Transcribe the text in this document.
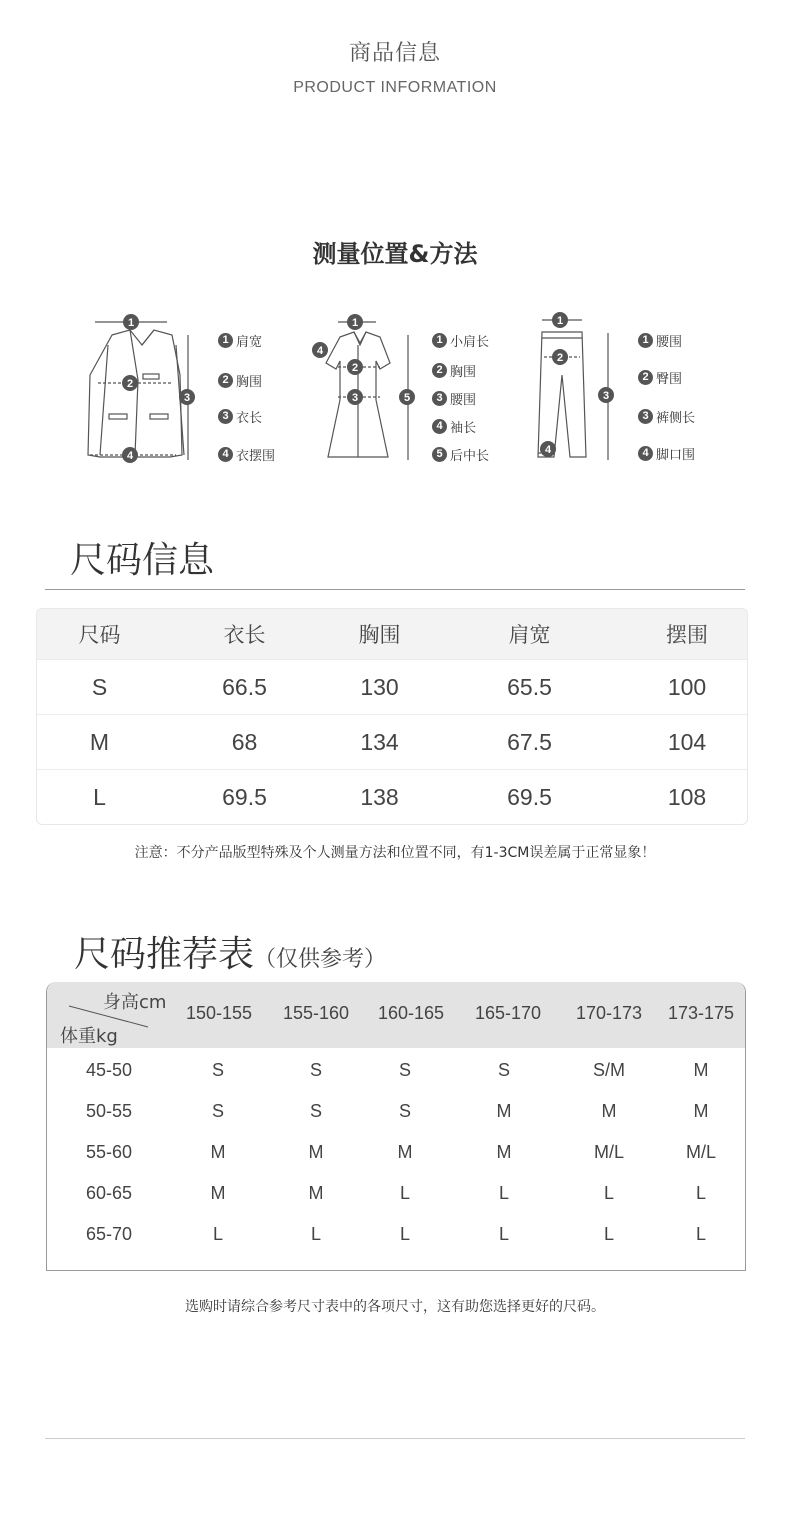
商品信息
PRODUCT INFORMATION
测量位置&方法
1
2
3
4
1 肩宽
2 胸围
3 衣长
4 衣摆围
1
2
3
4
5
1 小肩长
2 胸围
3 腰围
4 袖长
5 后中长
1
2
3
4
1 腰围
2 臀围
3 裤侧长
4 脚口围
尺码信息
尺码	衣长	胸围	肩宽	摆围
S	66.5	130	65.5	100
M	68	134	67.5	104
L	69.5	138	69.5	108
注意：不分产品版型特殊及个人测量方法和位置不同，有1-3CM误差属于正常显象！
尺码推荐表（仅供参考）
身高cm
体重kg
150-155	155-160	160-165	165-170	170-173	173-175
45-50	S	S	S	S	S/M	M
50-55	S	S	S	M	M	M
55-60	M	M	M	M	M/L	M/L
60-65	M	M	L	L	L	L
65-70	L	L	L	L	L	L
选购时请综合参考尺寸表中的各项尺寸，这有助您选择更好的尺码。
